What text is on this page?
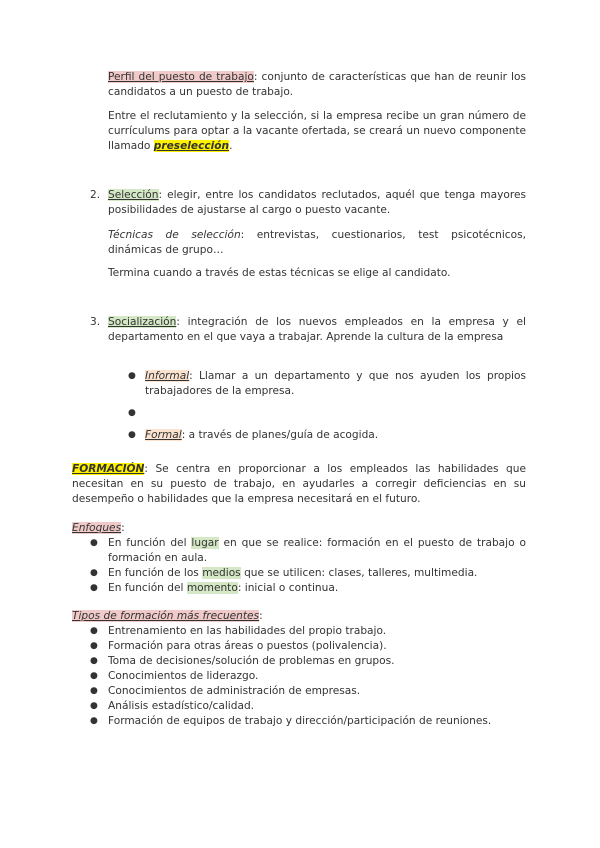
Perfil del puesto de trabajo: conjunto de características que han de reunir los candidatos a un puesto de trabajo.

Entre el reclutamiento y la selección, si la empresa recibe un gran número de currículums para optar a la vacante ofertada, se creará un nuevo componente llamado preselección.

2. Selección: elegir, entre los candidatos reclutados, aquél que tenga mayores posibilidades de ajustarse al cargo o puesto vacante.

Técnicas de selección: entrevistas, cuestionarios, test psicotécnicos, dinámicas de grupo…

Termina cuando a través de estas técnicas se elige al candidato.

3. Socialización: integración de los nuevos empleados en la empresa y el departamento en el que vaya a trabajar. Aprende la cultura de la empresa

● Informal: Llamar a un departamento y que nos ayuden los propios trabajadores de la empresa.
●
● Formal: a través de planes/guía de acogida.

FORMACIÓN: Se centra en proporcionar a los empleados las habilidades que necesitan en su puesto de trabajo, en ayudarles a corregir deficiencias en su desempeño o habilidades que la empresa necesitará en el futuro.

Enfoques:

● En función del lugar en que se realice: formación en el puesto de trabajo o formación en aula.
● En función de los medios que se utilicen: clases, talleres, multimedia.
● En función del momento: inicial o continua.

Tipos de formación más frecuentes:

● Entrenamiento en las habilidades del propio trabajo.
● Formación para otras áreas o puestos (polivalencia).
● Toma de decisiones/solución de problemas en grupos.
● Conocimientos de liderazgo.
● Conocimientos de administración de empresas.
● Análisis estadístico/calidad.
● Formación de equipos de trabajo y dirección/participación de reuniones.
